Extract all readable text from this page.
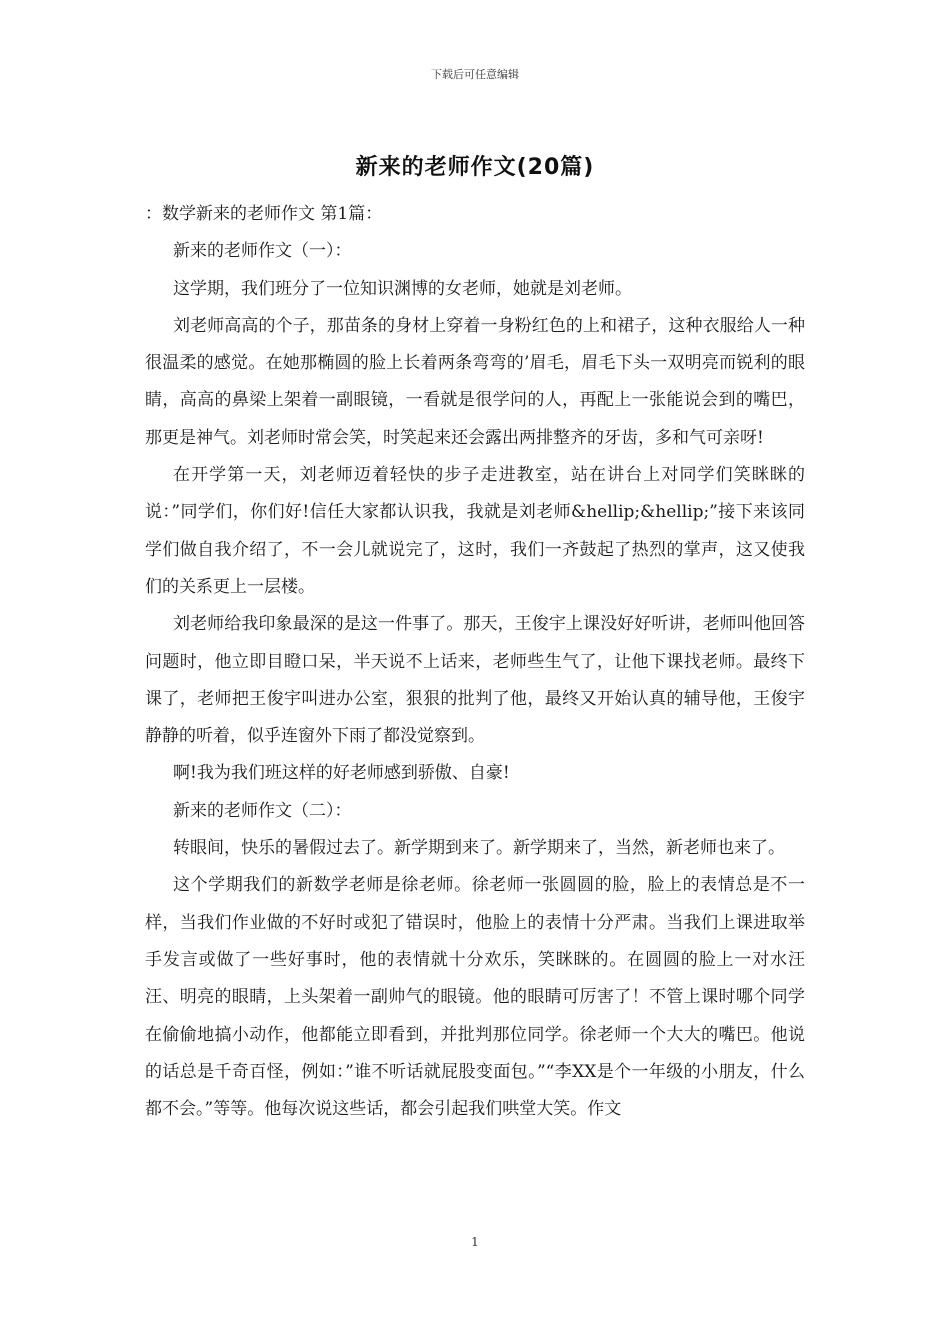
下载后可任意编辑
新来的老师作文(20篇)

：数学新来的老师作文 第1篇：

新来的老师作文（一）：

这学期，我们班分了一位知识渊博的女老师，她就是刘老师。

刘老师高高的个子，那苗条的身材上穿着一身粉红色的上和裙子，这种衣服给人一种很温柔的感觉。在她那椭圆的脸上长着两条弯弯的’眉毛，眉毛下头一双明亮而锐利的眼睛，高高的鼻梁上架着一副眼镜，一看就是很学问的人，再配上一张能说会到的嘴巴，那更是神气。刘老师时常会笑，时笑起来还会露出两排整齐的牙齿，多和气可亲呀!

在开学第一天，刘老师迈着轻快的步子走进教室，站在讲台上对同学们笑眯眯的说：”同学们，你们好!信任大家都认识我，我就是刘老师&hellip;&hellip;”接下来该同学们做自我介绍了，不一会儿就说完了，这时，我们一齐鼓起了热烈的掌声，这又使我们的关系更上一层楼。

刘老师给我印象最深的是这一件事了。那天，王俊宇上课没好好听讲，老师叫他回答问题时，他立即目瞪口呆，半天说不上话来，老师些生气了，让他下课找老师。最终下课了，老师把王俊宇叫进办公室，狠狠的批判了他，最终又开始认真的辅导他，王俊宇静静的听着，似乎连窗外下雨了都没觉察到。

啊!我为我们班这样的好老师感到骄傲、自豪!

新来的老师作文（二）：

转眼间，快乐的暑假过去了。新学期到来了。新学期来了，当然，新老师也来了。

这个学期我们的新数学老师是徐老师。徐老师一张圆圆的脸，脸上的表情总是不一样，当我们作业做的不好时或犯了错误时，他脸上的表情十分严肃。当我们上课进取举手发言或做了一些好事时，他的表情就十分欢乐，笑眯眯的。在圆圆的脸上一对水汪汪、明亮的眼睛，上头架着一副帅气的眼镜。他的眼睛可厉害了！不管上课时哪个同学在偷偷地搞小动作，他都能立即看到，并批判那位同学。徐老师一个大大的嘴巴。他说的话总是千奇百怪，例如：”谁不听话就屁股变面包。”“李XX是个一年级的小朋友，什么都不会。”等等。他每次说这些话，都会引起我们哄堂大笑。作文

1
